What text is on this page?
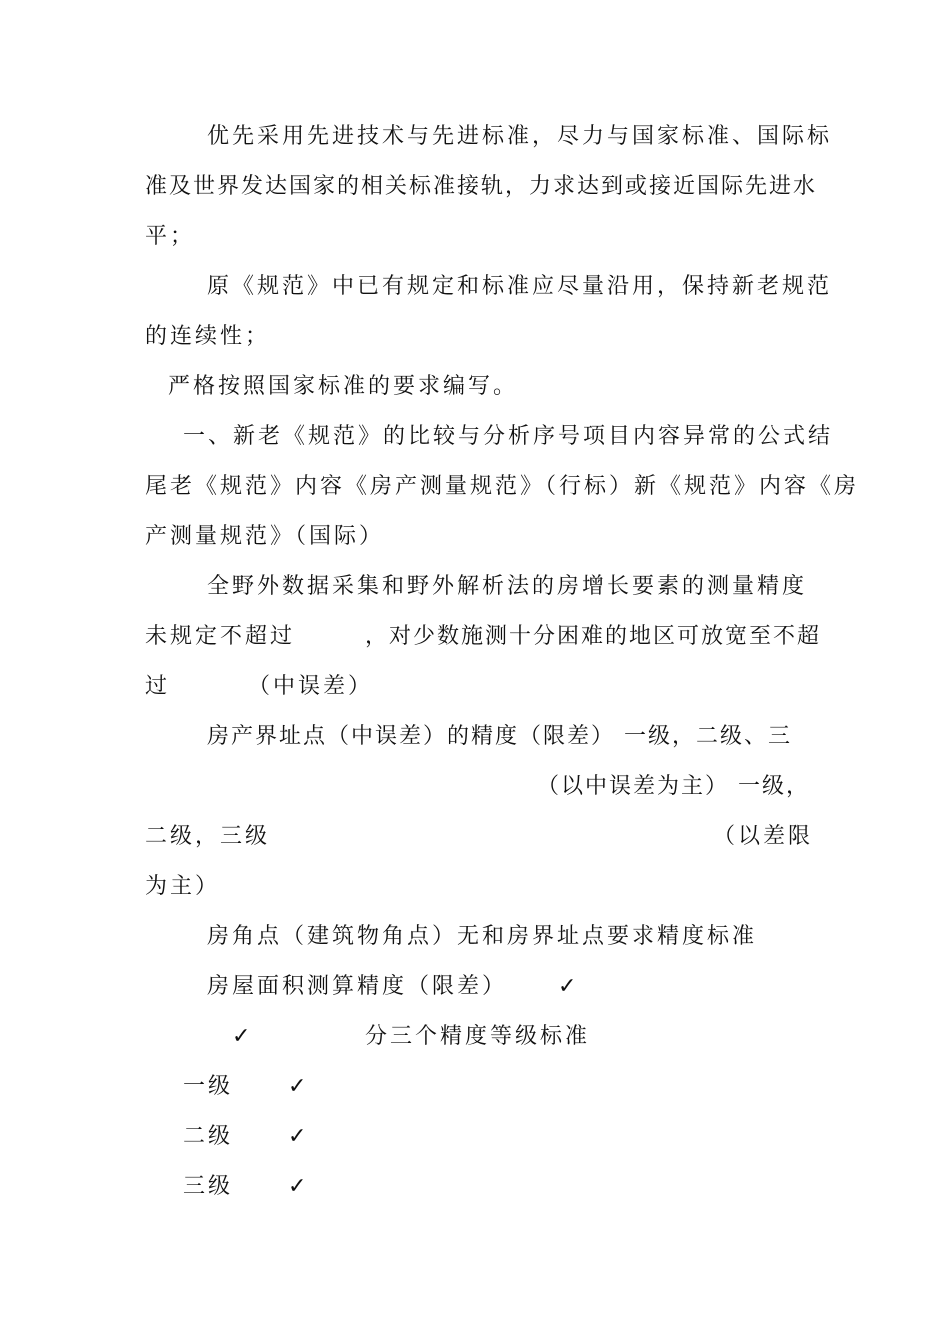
优先采用先进技术与先进标准，尽力与国家标准、国际标
准及世界发达国家的相关标准接轨，力求达到或接近国际先进水
平；
原《规范》中已有规定和标准应尽量沿用，保持新老规范
的连续性；
严格按照国家标准的要求编写。
一、新老《规范》的比较与分析序号项目内容异常的公式结
尾老《规范》内容《房产测量规范》（行标）新《规范》内容《房
产测量规范》（国际）
全野外数据采集和野外解析法的房增长要素的测量精度
未规定不超过	，对少数施测十分困难的地区可放宽至不超
过	（中误差）
房产界址点（中误差）的精度（限差） 一级，二级、三
（以中误差为主） 一级，
二级，三级	（以差限
为主）
房角点（建筑物角点）无和房界址点要求精度标准
房屋面积测算精度（限差） ✓
✓	分三个精度等级标准
一级 ✓
二级 ✓
三级 ✓
